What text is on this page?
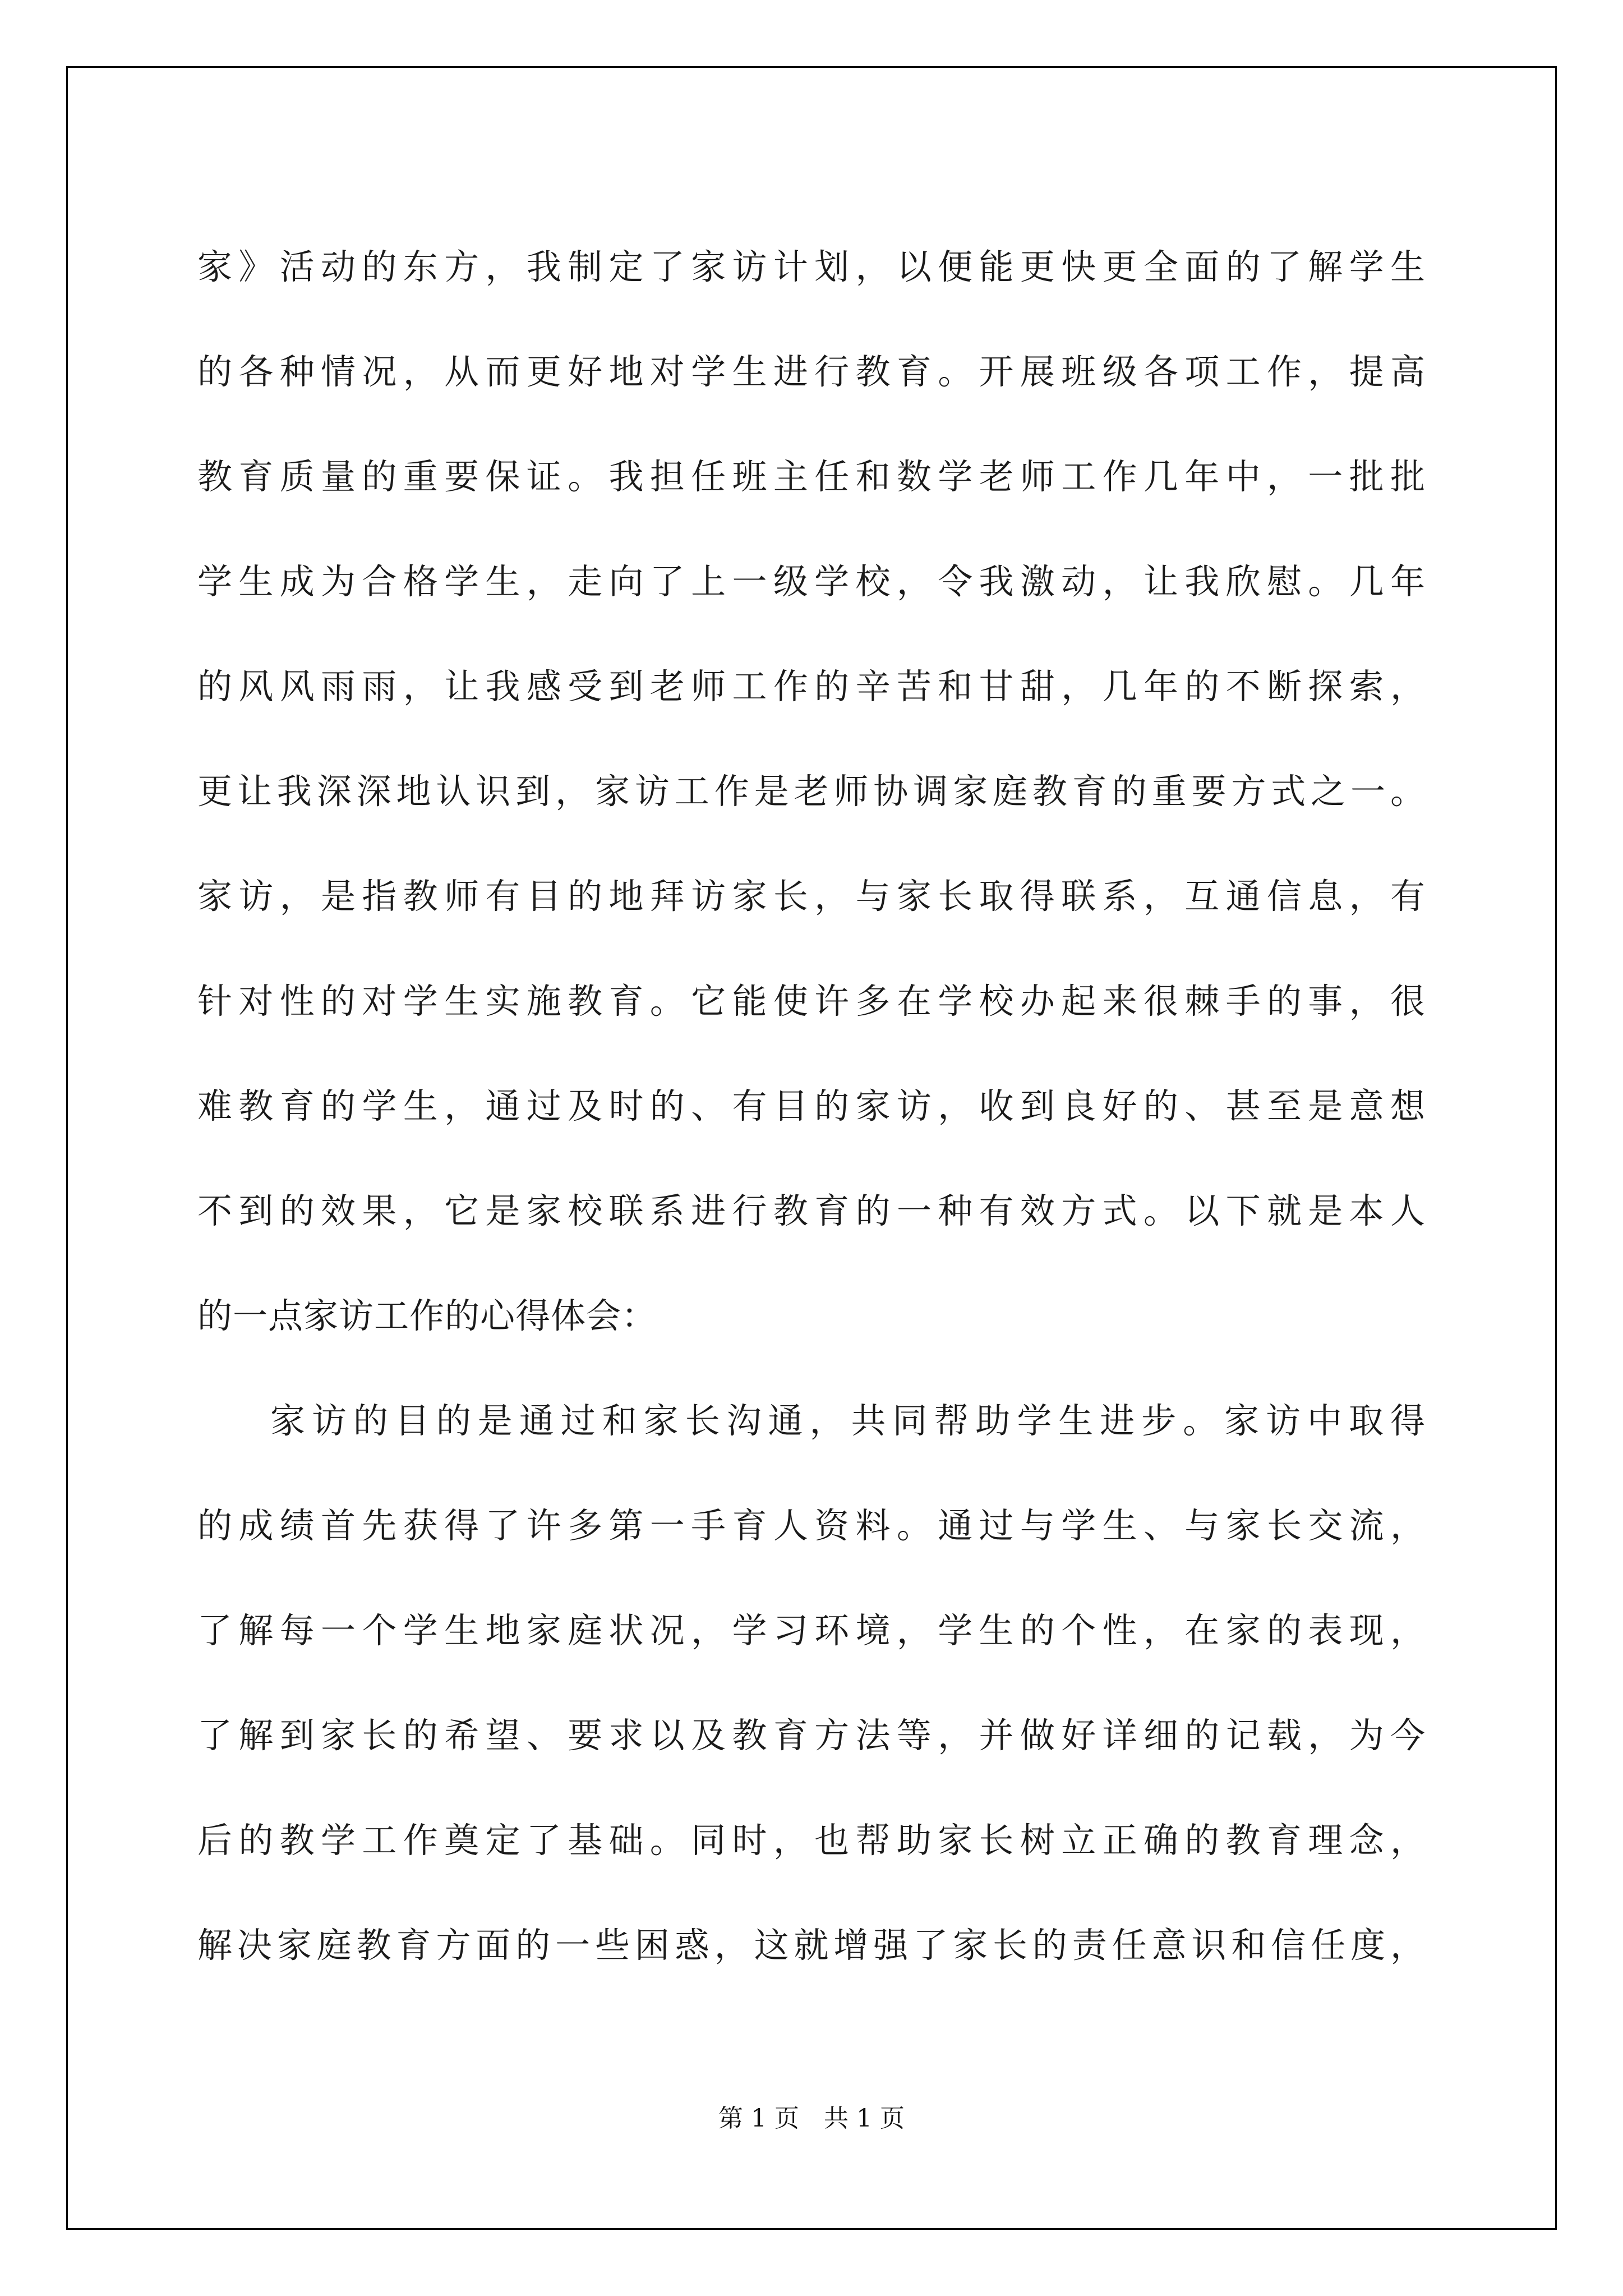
家》活动的东方，我制定了家访计划，以便能更快更全面的了解学生
的各种情况，从而更好地对学生进行教育。开展班级各项工作，提高
教育质量的重要保证。我担任班主任和数学老师工作几年中，一批批
学生成为合格学生，走向了上一级学校，令我激动，让我欣慰。几年
的风风雨雨，让我感受到老师工作的辛苦和甘甜，几年的不断探索，
更让我深深地认识到，家访工作是老师协调家庭教育的重要方式之一。
家访，是指教师有目的地拜访家长，与家长取得联系，互通信息，有
针对性的对学生实施教育。它能使许多在学校办起来很棘手的事，很
难教育的学生，通过及时的、有目的家访，收到良好的、甚至是意想
不到的效果，它是家校联系进行教育的一种有效方式。以下就是本人
的一点家访工作的心得体会：
家访的目的是通过和家长沟通，共同帮助学生进步。家访中取得
的成绩首先获得了许多第一手育人资料。通过与学生、与家长交流，
了解每一个学生地家庭状况，学习环境，学生的个性，在家的表现，
了解到家长的希望、要求以及教育方法等，并做好详细的记载，为今
后的教学工作奠定了基础。同时，也帮助家长树立正确的教育理念，
解决家庭教育方面的一些困惑，这就增强了家长的责任意识和信任度，
第 1 页　共 1 页
